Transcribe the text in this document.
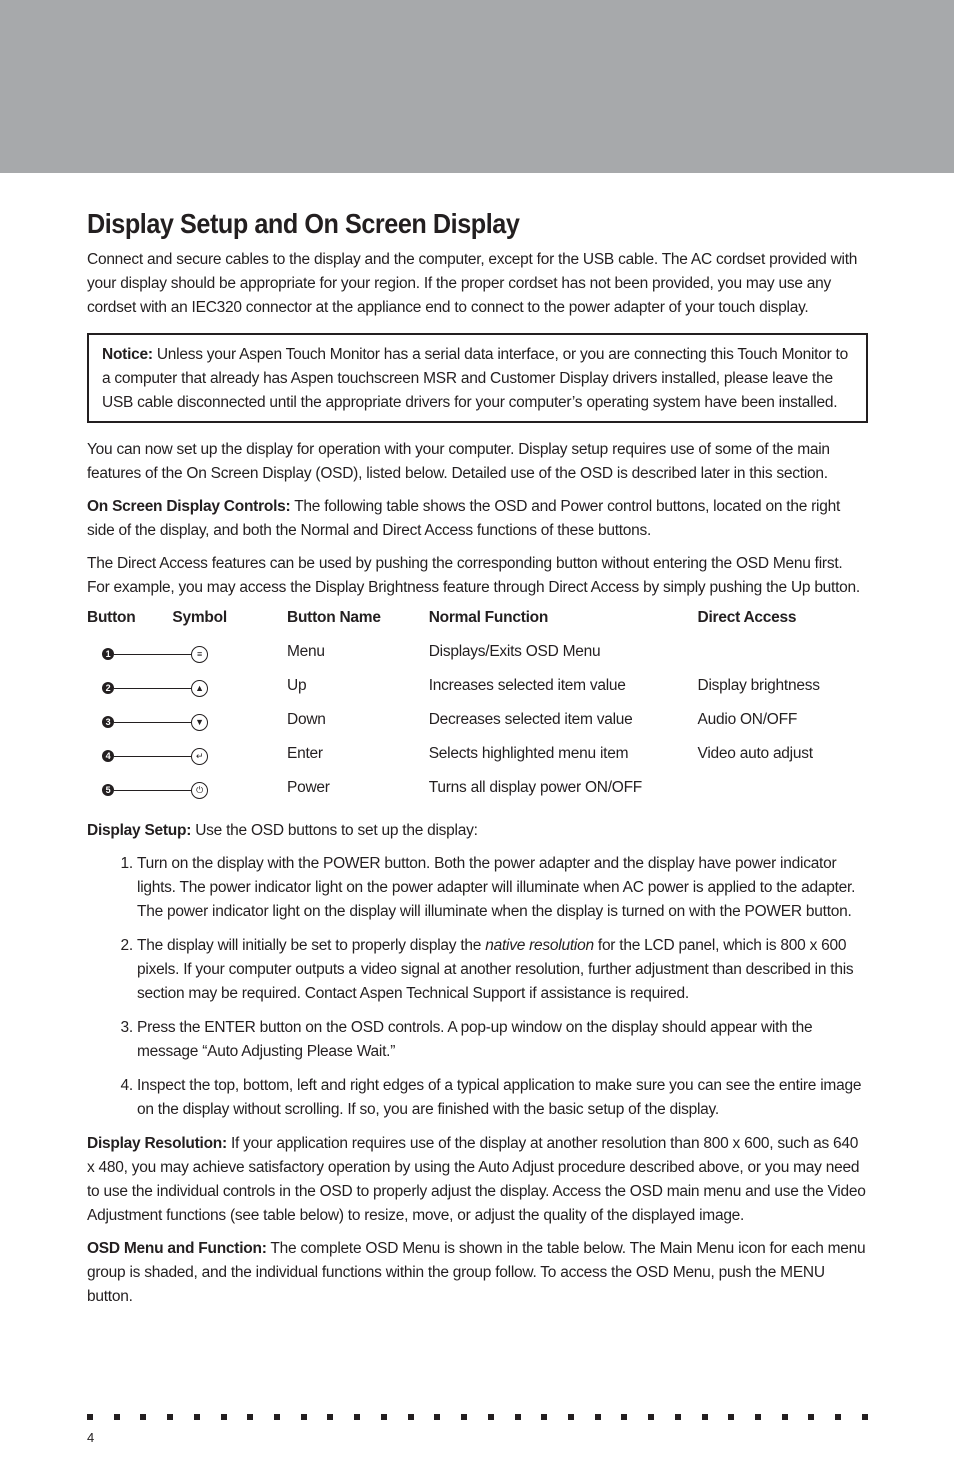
Display Setup and On Screen Display

Connect and secure cables to the display and the computer, except for the USB cable. The AC cordset provided with your display should be appropriate for your region. If the proper cordset has not been provided, you may use any cordset with an IEC320 connector at the appliance end to connect to the power adapter of your touch display.

Notice: Unless your Aspen Touch Monitor has a serial data interface, or you are connecting this Touch Monitor to a computer that already has Aspen touchscreen MSR and Customer Display drivers installed, please leave the USB cable disconnected until the appropriate drivers for your computer’s operating system have been installed.

You can now set up the display for operation with your computer. Display setup requires use of some of the main features of the On Screen Display (OSD), listed below. Detailed use of the OSD is described later in this section.

On Screen Display Controls: The following table shows the OSD and Power control buttons, located on the right side of the display, and both the Normal and Direct Access functions of these buttons.

The Direct Access features can be used by pushing the corresponding button without entering the OSD Menu first. For example, you may access the Display Brightness feature through Direct Access by simply pushing the Up button.

Button Symbol	Button Name	Normal Function	Direct Access

1 ≡	Menu	Displays/Exits OSD Menu	

2 ▲	Up	Increases selected item value	Display brightness

3 ▼	Down	Decreases selected item value	Audio ON/OFF

4 ↵	Enter	Selects highlighted menu item	Video auto adjust

5 ⏻	Power	Turns all display power ON/OFF	

Display Setup: Use the OSD buttons to set up the display:

1. Turn on the display with the POWER button. Both the power adapter and the display have power indicator lights. The power indicator light on the power adapter will illuminate when AC power is applied to the adapter. The power indicator light on the display will illuminate when the display is turned on with the POWER button.
2. The display will initially be set to properly display the native resolution for the LCD panel, which is 800 x 600 pixels. If your computer outputs a video signal at another resolution, further adjustment than described in this section may be required. Contact Aspen Technical Support if assistance is required.
3. Press the ENTER button on the OSD controls. A pop-up window on the display should appear with the message “Auto Adjusting Please Wait.”
4. Inspect the top, bottom, left and right edges of a typical application to make sure you can see the entire image on the display without scrolling. If so, you are finished with the basic setup of the display.

Display Resolution: If your application requires use of the display at another resolution than 800 x 600, such as 640 x 480, you may achieve satisfactory operation by using the Auto Adjust procedure described above, or you may need to use the individual controls in the OSD to properly adjust the display. Access the OSD main menu and use the Video Adjustment functions (see table below) to resize, move, or adjust the quality of the displayed image.

OSD Menu and Function: The complete OSD Menu is shown in the table below. The Main Menu icon for each menu group is shaded, and the individual functions within the group follow. To access the OSD Menu, push the MENU button.

4
